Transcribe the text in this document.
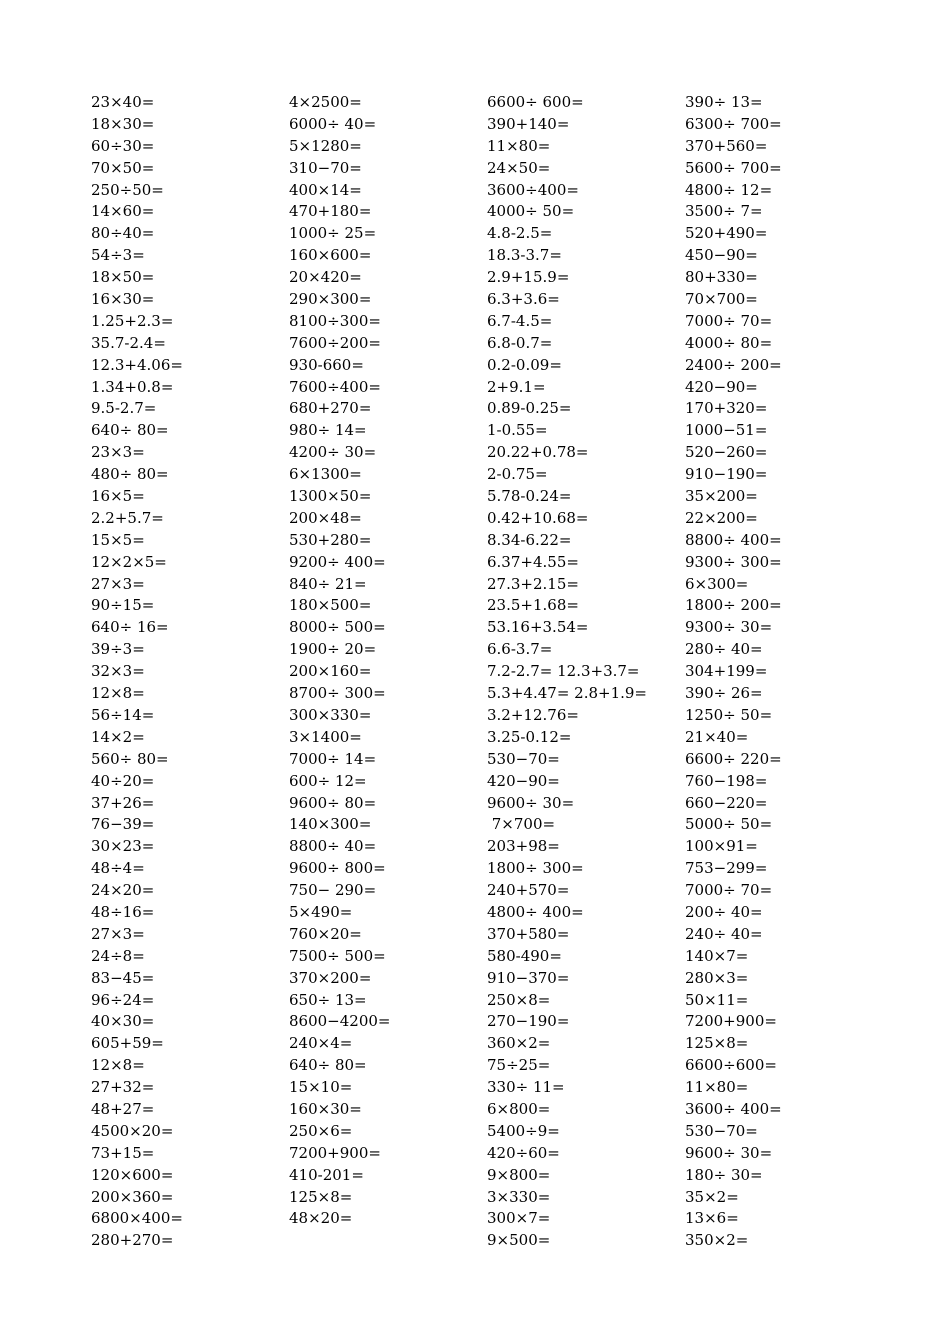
23×40=
18×30=
60÷30=
70×50=
250÷50=
14×60=
80÷40=
54÷3=
18×50=
16×30=
1.25+2.3=
35.7-2.4=
12.3+4.06=
1.34+0.8=
9.5-2.7=
640÷ 80=
23×3=
480÷ 80=
16×5=
2.2+5.7=
15×5=
12×2×5=
27×3=
90÷15=
640÷ 16=
39÷3=
32×3=
12×8=
56÷14=
14×2=
560÷ 80=
40÷20=
37+26=
76−39=
30×23=
48÷4=
24×20=
48÷16=
27×3=
24÷8=
83−45=
96÷24=
40×30=
605+59=
12×8=
27+32=
48+27=
4500×20=
73+15=
120×600=
200×360=
6800×400=
280+270=
4×2500=
6000÷ 40=
5×1280=
310−70=
400×14=
470+180=
1000÷ 25=
160×600=
20×420=
290×300=
8100÷300=
7600÷200=
930-660=
7600÷400=
680+270=
980÷ 14=
4200÷ 30=
6×1300=
1300×50=
200×48=
530+280=
9200÷ 400=
840÷ 21=
180×500=
8000÷ 500=
1900÷ 20=
200×160=
8700÷ 300=
300×330=
3×1400=
7000÷ 14=
600÷ 12=
9600÷ 80=
140×300=
8800÷ 40=
9600÷ 800=
750− 290=
5×490=
760×20=
7500÷ 500=
370×200=
650÷ 13=
8600−4200=
240×4=
640÷ 80=
15×10=
160×30=
250×6=
7200+900=
410-201=
125×8=
48×20=
6600÷ 600=
390+140=
11×80=
24×50=
3600÷400=
4000÷ 50=
4.8-2.5=
18.3-3.7=
2.9+15.9=
6.3+3.6=
6.7-4.5=
6.8-0.7=
0.2-0.09=
2+9.1=
0.89-0.25=
1-0.55=
20.22+0.78=
2-0.75=
5.78-0.24=
0.42+10.68=
8.34-6.22=
6.37+4.55=
27.3+2.15=
23.5+1.68=
53.16+3.54=
6.6-3.7=
7.2-2.7= 12.3+3.7=
5.3+4.47= 2.8+1.9=
3.2+12.76=
3.25-0.12=
530−70=
420−90=
9600÷ 30=
7×700=
203+98=
1800÷ 300=
240+570=
4800÷ 400=
370+580=
580-490=
910−370=
250×8=
270−190=
360×2=
75÷25=
330÷ 11=
6×800=
5400÷9=
420÷60=
9×800=
3×330=
300×7=
9×500=
390÷ 13=
6300÷ 700=
370+560=
5600÷ 700=
4800÷ 12=
3500÷ 7=
520+490=
450−90=
80+330=
70×700=
7000÷ 70=
4000÷ 80=
2400÷ 200=
420−90=
170+320=
1000−51=
520−260=
910−190=
35×200=
22×200=
8800÷ 400=
9300÷ 300=
6×300=
1800÷ 200=
9300÷ 30=
280÷ 40=
304+199=
390÷ 26=
1250÷ 50=
21×40=
6600÷ 220=
760−198=
660−220=
5000÷ 50=
100×91=
753−299=
7000÷ 70=
200÷ 40=
240÷ 40=
140×7=
280×3=
50×11=
7200+900=
125×8=
6600÷600=
11×80=
3600÷ 400=
530−70=
9600÷ 30=
180÷ 30=
35×2=
13×6=
350×2=
